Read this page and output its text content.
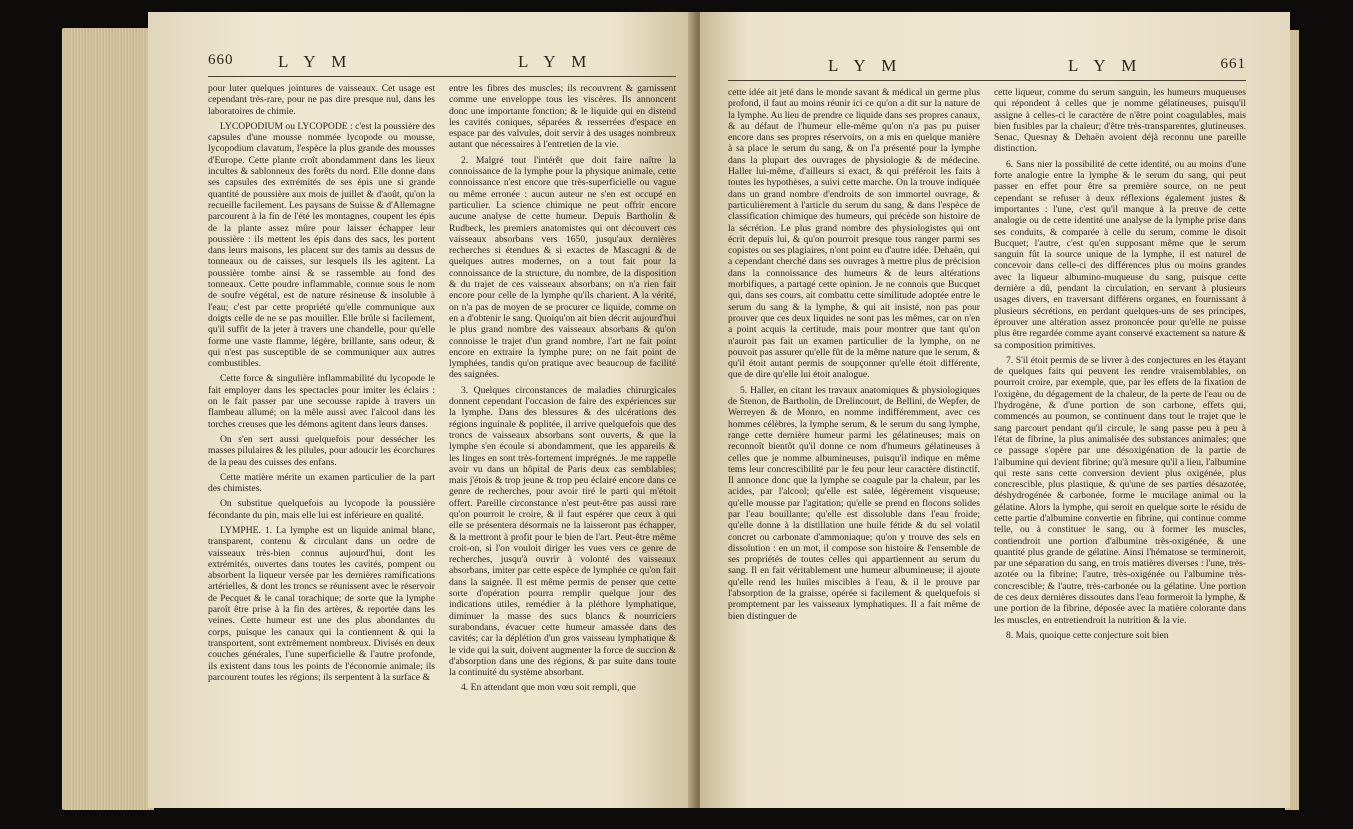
660	L Y M	L Y M

pour luter quelques jointures de vaisseaux. Cet usage est cependant très-rare, pour ne pas dire presque nul, dans les laboratoires de chimie.

LYCOPODIUM ou LYCOPODE : c'est la poussière des capsules d'une mousse nommée lycopode ou mousse, lycopodium clavatum, l'espèce la plus grande des mousses d'Europe. Cette plante croît abondamment dans les lieux incultes & sablonneux des forêts du nord. Elle donne dans ses capsules des extrémités de ses épis une si grande quantité de poussière aux mois de juillet & d'août, qu'on la recueille facilement. Les paysans de Suisse & d'Allemagne parcourent à la fin de l'été les montagnes, coupent les épis de la plante assez mûre pour laisser échapper leur poussière : ils mettent les épis dans des sacs, les portent dans leurs maisons, les placent sur des tamis au dessus de tonneaux ou de caisses, sur lesquels ils les agitent. La poussière tombe ainsi & se rassemble au fond des tonneaux. Cette poudre inflammable, connue sous le nom de soufre végétal, est de nature résineuse & insoluble à l'eau; c'est par cette propriété qu'elle communique aux doigts celle de ne se pas mouiller. Elle brûle si facilement, qu'il suffit de la jeter à travers une chandelle, pour qu'elle forme une vaste flamme, légère, brillante, sans odeur, & qui n'est pas susceptible de se communiquer aux autres combustibles.

Cette force & singulière inflammabilité du lycopode le fait employer dans les spectacles pour imiter les éclairs : on le fait passer par une secousse rapide à travers un flambeau allumé; on la mêle aussi avec l'alcool dans les torches creuses que les démons agitent dans leurs danses.

On s'en sert aussi quelquefois pour dessécher les masses pilulaires & les pilules, pour adoucir les écorchures de la peau des cuisses des enfans.

Cette matière mérite un examen particulier de la part des chimistes.

On substitue quelquefois au lycopode la poussière fécondante du pin, mais elle lui est inférieure en qualité.

LYMPHE. 1. La lymphe est un liquide animal blanc, transparent, contenu & circulant dans un ordre de vaisseaux très-bien connus aujourd'hui, dont les extrémités, ouvertes dans toutes les cavités, pompent ou absorbent la liqueur versée par les dernières ramifications artérielles, & dont les troncs se réunissent avec le réservoir de Pecquet & le canal torachique; de sorte que la lymphe paroît être prise à la fin des artères, & reportée dans les veines. Cette humeur est une des plus abondantes du corps, puisque les canaux qui la contiennent & qui la transportent, sont extrêmement nombreux. Divisés en deux couches générales, l'une superficielle & l'autre profonde, ils existent dans tous les points de l'économie animale; ils parcourent toutes les régions; ils serpentent à la surface &

entre les fibres des muscles; ils recouvrent & garnissent comme une enveloppe tous les viscères. Ils annoncent donc une importante fonction; & le liquide qui en distend les cavités coniques, séparées & resserrées d'espace en espace par des valvules, doit servir à des usages nombreux autant que nécessaires à l'entretien de la vie.

2. Malgré tout l'intérêt que doit faire naître la connoissance de la lymphe pour la physique animale, cette connoissance n'est encore que très-superficielle ou vague ou même erronée : aucun auteur ne s'en est occupé en particulier. La science chimique ne peut offrir encore aucune analyse de cette humeur. Depuis Bartholin & Rudbeck, les premiers anatomistes qui ont découvert ces vaisseaux absorbans vers 1650, jusqu'aux dernières recherches si étendues & si exactes de Mascagni & de quelques autres modernes, on a tout fait pour la connoissance de la structure, du nombre, de la disposition & du trajet de ces vaisseaux absorbans; on n'a rien fait encore pour celle de la lymphe qu'ils charient. A la vérité, on n'a pas de moyen de se procurer ce liquide, comme on en a d'obtenir le sang. Quoiqu'on ait bien décrit aujourd'hui le plus grand nombre des vaisseaux absorbans & qu'on connoisse le trajet d'un grand nombre, l'art ne fait point encore en extraire la lymphe pure; on ne fait point de lymphées, tandis qu'on pratique avec beaucoup de facilité des saignées.

3. Quelques circonstances de maladies chirurgicales donnent cependant l'occasion de faire des expériences sur la lymphe. Dans des blessures & des ulcérations des régions inguinale & poplitée, il arrive quelquefois que des troncs de vaisseaux absorbans sont ouverts, & que la lymphe s'en écoule si abondamment, que les appareils & les linges en sont très-fortement imprégnés. Je me rappelle avoir vu dans un hôpital de Paris deux cas semblables; mais j'étois & trop jeune & trop peu éclairé encore dans ce genre de recherches, pour avoir tiré le parti qui m'étoit offert. Pareille circonstance n'est peut-être pas aussi rare qu'on pourroit le croire, & il faut espérer que ceux à qui elle se présentera désormais ne la laisseront pas échapper, & la mettront à profit pour le bien de l'art. Peut-être même croit-on, si l'on vouloit diriger les vues vers ce genre de recherches, jusqu'à ouvrir à volonté des vaisseaux absorbans, imiter par cette espèce de lymphée ce qu'on fait dans la saignée. Il est même permis de penser que cette sorte d'opération pourra remplir quelque jour des indications utiles, remédier à la pléthore lymphatique, diminuer la masse des sucs blancs & nourriciers surabondans, évacuer cette humeur amassée dans des cavités; car la déplétion d'un gros vaisseau lymphatique & le vide qui la suit, doivent augmenter la force de succion & d'absorption dans une des régions, & par suite dans toute la continuité du système absorbant.

4. En attendant que mon vœu soit rempli, que

L Y M	L Y M	661

cette idée ait jeté dans le monde savant & médical un germe plus profond, il faut au moins réunir ici ce qu'on a dit sur la nature de la lymphe. Au lieu de prendre ce liquide dans ses propres canaux, & au défaut de l'humeur elle-même qu'on n'a pas pu puiser encore dans ses propres réservoirs, on a mis en quelque manière à sa place le serum du sang, & on l'a présenté pour la lymphe dans la plupart des ouvrages de physiologie & de médecine. Haller lui-même, d'ailleurs si exact, & qui préféroit les faits à toutes les hypothèses, a suivi cette marche. On la trouve indiquée dans un grand nombre d'endroits de son immortel ouvrage, & particulièrement à l'article du serum du sang, & dans l'espèce de classification chimique des humeurs, qui précède son histoire de la sécrétion. Le plus grand nombre des physiologistes qui ont écrit depuis lui, & qu'on pourroit presque tous ranger parmi ses copistes ou ses plagiaires, n'ont point eu d'autre idée. Dehaën, qui a cependant cherché dans ses ouvrages à mettre plus de précision dans la connoissance des humeurs & de leurs altérations morbifiques, a partagé cette opinion. Je ne connois que Bucquet qui, dans ses cours, ait combattu cette similitude adoptée entre le serum du sang & la lymphe, & qui ait insisté, non pas pour prouver que ces deux liquides ne sont pas les mêmes, car on n'en a point acquis la certitude, mais pour montrer que tant qu'on n'auroit pas fait un examen particulier de la lymphe, on ne pouvoit pas assurer qu'elle fût de la même nature que le serum, & qu'il étoit autant permis de soupçonner qu'elle étoit différente, que de dire qu'elle lui étoit analogue.

5. Haller, en citant les travaux anatomiques & physiologiques de Stenon, de Bartholin, de Drelincourt, de Bellini, de Wepfer, de Werreyen & de Monro, en nomme indifféremment, avec ces hommes célèbres, la lymphe serum, & le serum du sang lymphe, range cette dernière humeur parmi les gélatineuses; mais on reconnoît bientôt qu'il donne ce nom d'humeurs gélatineuses à celles que je nomme albumineuses, puisqu'il indique en même tems leur concrescibilité par le feu pour leur caractère distinctif. Il annonce donc que la lymphe se coagule par la chaleur, par les acides, par l'alcool; qu'elle est salée, légèrement visqueuse; qu'elle mousse par l'agitation; qu'elle se prend en flocons solides par l'eau bouillante; qu'elle est dissoluble dans l'eau froide; qu'elle donne à la distillation une huile fétide & du sel volatil concret ou carbonate d'ammoniaque; qu'on y trouve des sels en dissolution : en un mot, il compose son histoire & l'ensemble de ses propriétés de toutes celles qui appartiennent au serum du sang. Il en fait véritablement une humeur albumineuse; il ajoute qu'elle rend les huiles miscibles à l'eau, & il le prouve par l'absorption de la graisse, opérée si facilement & quelquefois si promptement par les vaisseaux lymphatiques. Il a fait même de bien distinguer de

cette liqueur, comme du serum sanguin, les humeurs muqueuses qui répondent à celles que je nomme gélatineuses, puisqu'il assigne à celles-ci le caractère de n'être point coagulables, mais bien fusibles par la chaleur; d'être très-transparentes, glutineuses. Senac, Quesnay & Dehaën avoient déjà reconnu une pareille distinction.

6. Sans nier la possibilité de cette identité, ou au moins d'une forte analogie entre la lymphe & le serum du sang, qui peut passer en effet pour être sa première source, on ne peut cependant se refuser à deux réflexions également justes & importantes : l'une, c'est qu'il manque à la preuve de cette analogie ou de cette identité une analyse de la lymphe prise dans ses conduits, & comparée à celle du serum, comme le disoit Bucquet; l'autre, c'est qu'en supposant même que le serum sanguin fût la source unique de la lymphe, il est naturel de concevoir dans celle-ci des différences plus ou moins grandes avec la liqueur albumino-muqueuse du sang, puisque cette dernière a dû, pendant la circulation, en servant à plusieurs usages divers, en traversant différens organes, en fournissant à plusieurs sécrétions, en perdant quelques-uns de ses principes, éprouver une altération assez prononcée pour qu'elle ne puisse plus être regardée comme ayant conservé exactement sa nature & sa composition primitives.

7. S'il étoit permis de se livrer à des conjectures en les étayant de quelques faits qui peuvent les rendre vraisemblables, on pourroit croire, par exemple, que, par les effets de la fixation de l'oxigène, du dégagement de la chaleur, de la perte de l'eau ou de l'hydrogène, & d'une portion de son carbone, effets qui, commencés au poumon, se continuent dans tout le trajet que le sang parcourt pendant qu'il circule, le sang passe peu à peu à l'état de fibrine, la plus animalisée des substances animales; que ce passage s'opère par une désoxigénation de la partie de l'albumine qui devient fibrine; qu'à mesure qu'il a lieu, l'albumine qui reste sans cette conversion devient plus oxigénée, plus concrescible, plus plastique, & qu'une de ses parties désazotée, déshydrogénée & carbonée, forme le mucilage animal ou la gélatine. Alors la lymphe, qui seroit en quelque sorte le résidu de cette partie d'albumine convertie en fibrine, qui continue comme telle, ou à constituer le sang, ou à former les muscles, contiendroit une portion d'albumine très-oxigénée, & une quantité plus grande de gélatine. Ainsi l'hématose se termineroit, par une séparation du sang, en trois matières diverses : l'une, très-azotée ou la fibrine; l'autre, très-oxigénée ou l'albumine très-concrescible; & l'autre, très-carbonée ou la gélatine. Une portion de ces deux dernières dissoutes dans l'eau formeroit la lymphe, & une portion de la fibrine, déposée avec la matière colorante dans les muscles, en entretiendroit la nutrition & la vie.

8. Mais, quoique cette conjecture soit bien
